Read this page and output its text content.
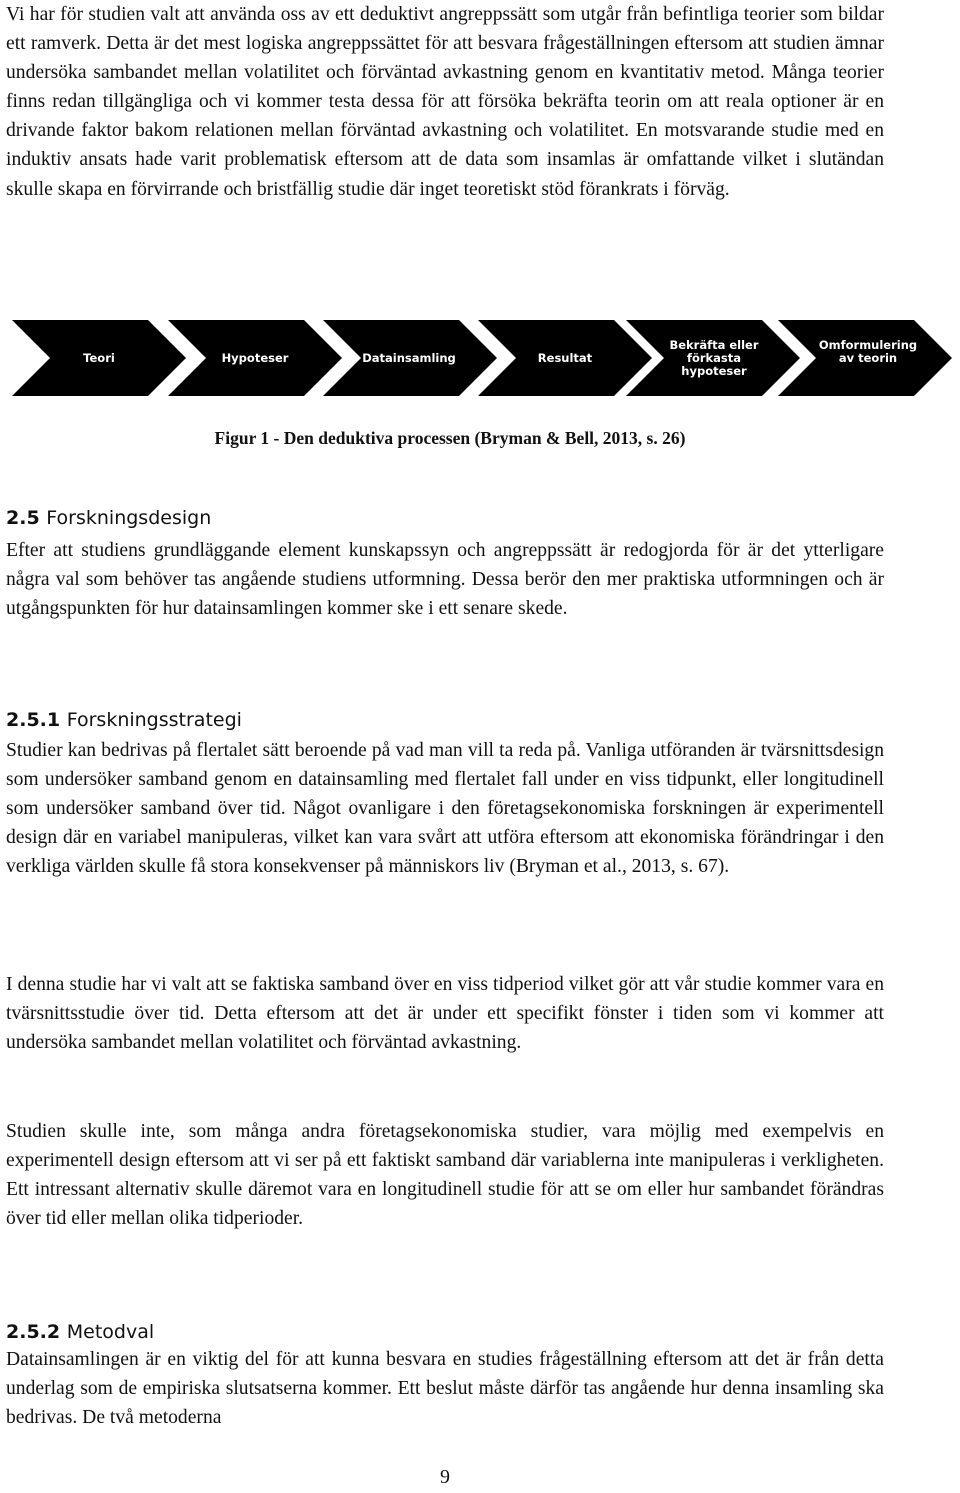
Vi har för studien valt att använda oss av ett deduktivt angreppssätt som utgår från befintliga teorier som bildar ett ramverk. Detta är det mest logiska angreppssättet för att besvara frågeställningen eftersom att studien ämnar undersöka sambandet mellan volatilitet och förväntad avkastning genom en kvantitativ metod. Många teorier finns redan tillgängliga och vi kommer testa dessa för att försöka bekräfta teorin om att reala optioner är en drivande faktor bakom relationen mellan förväntad avkastning och volatilitet. En motsvarande studie med en induktiv ansats hade varit problematisk eftersom att de data som insamlas är omfattande vilket i slutändan skulle skapa en förvirrande och bristfällig studie där inget teoretiskt stöd förankrats i förväg.

Teori	Hypoteser	Datainsamling	Resultat
Bekräfta eller förkasta hypoteser
Omformulering av teorin

Figur 1 - Den deduktiva processen (Bryman & Bell, 2013, s. 26)

2.5 Forskningsdesign

Efter att studiens grundläggande element kunskapssyn och angreppssätt är redogjorda för är det ytterligare några val som behöver tas angående studiens utformning. Dessa berör den mer praktiska utformningen och är utgångspunkten för hur datainsamlingen kommer ske i ett senare skede.

2.5.1 Forskningsstrategi

Studier kan bedrivas på flertalet sätt beroende på vad man vill ta reda på. Vanliga utföranden är tvärsnittsdesign som undersöker samband genom en datainsamling med flertalet fall under en viss tidpunkt, eller longitudinell som undersöker samband över tid. Något ovanligare i den företagsekonomiska forskningen är experimentell design där en variabel manipuleras, vilket kan vara svårt att utföra eftersom att ekonomiska förändringar i den verkliga världen skulle få stora konsekvenser på människors liv (Bryman et al., 2013, s. 67).

I denna studie har vi valt att se faktiska samband över en viss tidperiod vilket gör att vår studie kommer vara en tvärsnittsstudie över tid. Detta eftersom att det är under ett specifikt fönster i tiden som vi kommer att undersöka sambandet mellan volatilitet och förväntad avkastning.

Studien skulle inte, som många andra företagsekonomiska studier, vara möjlig med exempelvis en experimentell design eftersom att vi ser på ett faktiskt samband där variablerna inte manipuleras i verkligheten. Ett intressant alternativ skulle däremot vara en longitudinell studie för att se om eller hur sambandet förändras över tid eller mellan olika tidperioder.

2.5.2 Metodval

Datainsamlingen är en viktig del för att kunna besvara en studies frågeställning eftersom att det är från detta underlag som de empiriska slutsatserna kommer. Ett beslut måste därför tas angående hur denna insamling ska bedrivas. De två metoderna

9
